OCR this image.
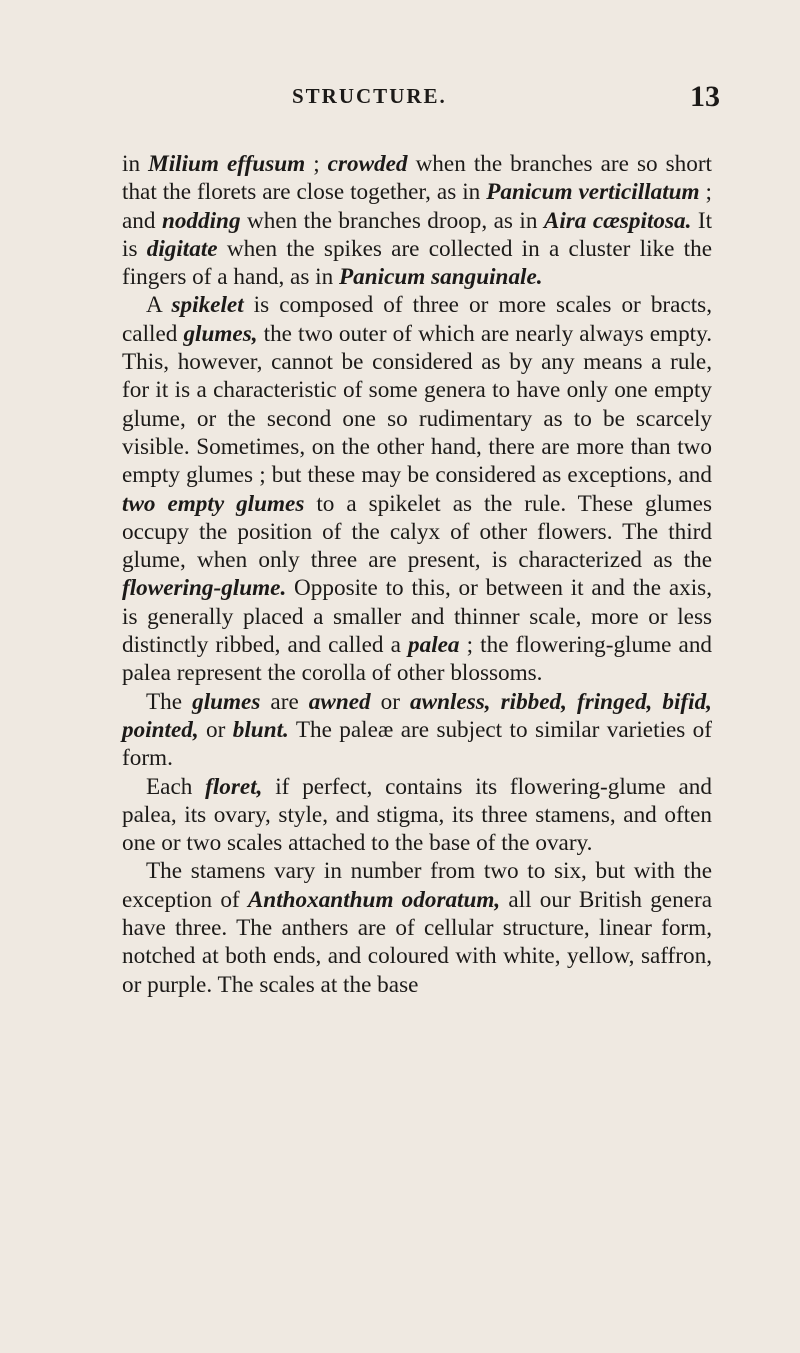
STRUCTURE.	13

in Milium effusum ; crowded when the branches are so short that the florets are close together, as in Panicum verticillatum ; and nodding when the branches droop, as in Aira cæspitosa. It is digitate when the spikes are collected in a cluster like the fingers of a hand, as in Panicum sanguinale.

A spikelet is composed of three or more scales or bracts, called glumes, the two outer of which are nearly always empty. This, however, cannot be considered as by any means a rule, for it is a characteristic of some genera to have only one empty glume, or the second one so rudimentary as to be scarcely visible. Sometimes, on the other hand, there are more than two empty glumes ; but these may be considered as exceptions, and two empty glumes to a spikelet as the rule. These glumes occupy the position of the calyx of other flowers. The third glume, when only three are present, is characterized as the flowering-glume. Opposite to this, or between it and the axis, is generally placed a smaller and thinner scale, more or less distinctly ribbed, and called a palea ; the flowering-glume and palea represent the corolla of other blossoms.

The glumes are awned or awnless, ribbed, fringed, bifid, pointed, or blunt. The paleæ are subject to similar varieties of form.

Each floret, if perfect, contains its flowering-glume and palea, its ovary, style, and stigma, its three stamens, and often one or two scales attached to the base of the ovary.

The stamens vary in number from two to six, but with the exception of Anthoxanthum odoratum, all our British genera have three. The anthers are of cellular structure, linear form, notched at both ends, and coloured with white, yellow, saffron, or purple. The scales at the base
